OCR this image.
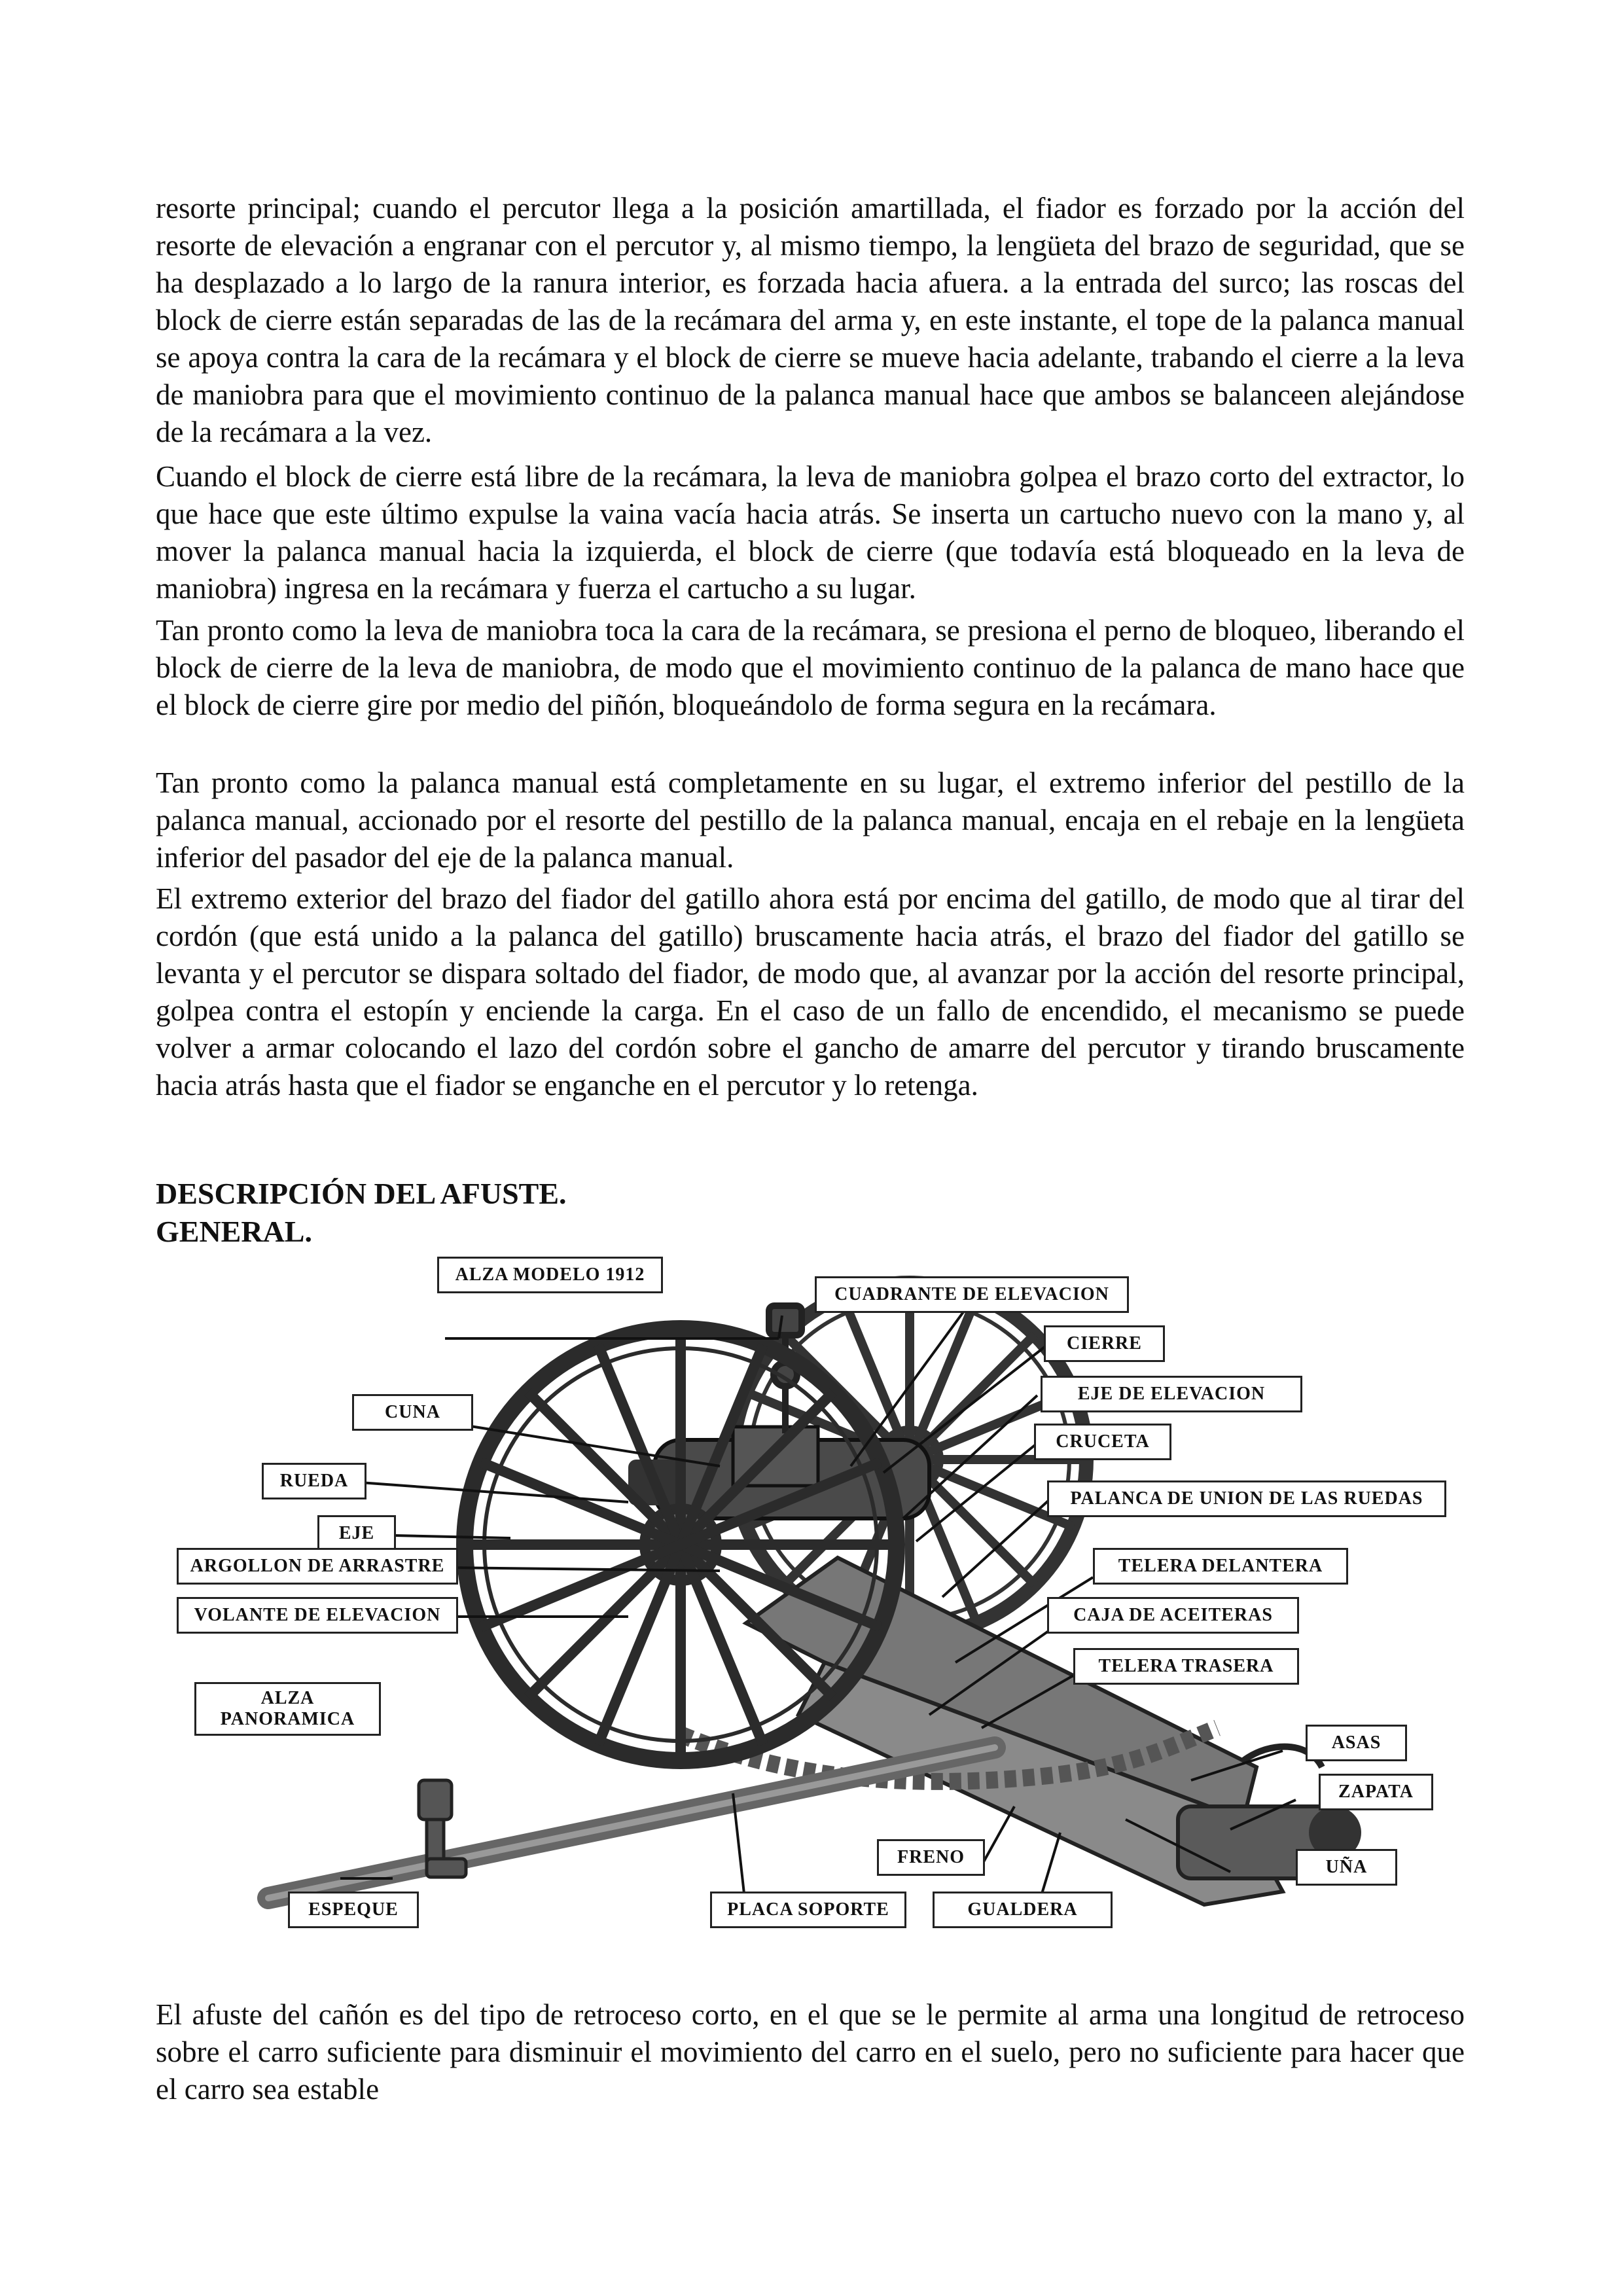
resorte principal; cuando el percutor llega a la posición amartillada, el fiador es forzado por la acción del resorte de elevación a engranar con el percutor y, al mismo tiempo, la lengüeta del brazo de seguridad, que se ha desplazado a lo largo de la ranura interior, es forzada hacia afuera. a la entrada del surco; las roscas del block de cierre están separadas de las de la recámara del arma y, en este instante, el tope de la palanca manual se apoya contra la cara de la recámara y el block de cierre se mueve hacia adelante, trabando el cierre a la leva de maniobra para que el movimiento continuo de la palanca manual hace que ambos se balanceen alejándose de la recámara a la vez.
Cuando el block de cierre está libre de la recámara, la leva de maniobra golpea el brazo corto del extractor, lo que hace que este último expulse la vaina vacía hacia atrás. Se inserta un cartucho nuevo con la mano y, al mover la palanca manual hacia la izquierda, el block de cierre (que todavía está bloqueado en la leva de maniobra) ingresa en la recámara y fuerza el cartucho a su lugar.
Tan pronto como la leva de maniobra toca la cara de la recámara, se presiona el perno de bloqueo, liberando el block de cierre de la leva de maniobra, de modo que el movimiento continuo de la palanca de mano hace que el block de cierre gire por medio del piñón, bloqueándolo de forma segura en la recámara.
Tan pronto como la palanca manual está completamente en su lugar, el extremo inferior del pestillo de la palanca manual, accionado por el resorte del pestillo de la palanca manual, encaja en el rebaje en la lengüeta inferior del pasador del eje de la palanca manual.
El extremo exterior del brazo del fiador del gatillo ahora está por encima del gatillo, de modo que al tirar del cordón (que está unido a la palanca del gatillo) bruscamente hacia atrás, el brazo del fiador del gatillo se levanta y el percutor se dispara soltado del fiador, de modo que, al avanzar por la acción del resorte principal, golpea contra el estopín y enciende la carga. En el caso de un fallo de encendido, el mecanismo se puede volver a armar colocando el lazo del cordón sobre el gancho de amarre del percutor y tirando bruscamente hacia atrás hasta que el fiador se enganche en el percutor y lo retenga.
DESCRIPCIÓN DEL AFUSTE.
GENERAL.
ALZA MODELO 1912
CUADRANTE DE ELEVACION
CIERRE
EJE DE ELEVACION
CUNA
CRUCETA
RUEDA
PALANCA DE UNION DE LAS RUEDAS
EJE
ARGOLLON DE ARRASTRE	TELERA DELANTERA
VOLANTE DE ELEVACION	CAJA DE ACEITERAS
TELERA TRASERA
ALZA
PANORAMICA
ASAS
ZAPATA
FRENO	UÑA
ESPEQUE	PLACA SOPORTE	GUALDERA
El afuste del cañón es del tipo de retroceso corto, en el que se le permite al arma una longitud de retroceso sobre el carro suficiente para disminuir el movimiento del carro en el suelo, pero no suficiente para hacer que el carro sea estable
